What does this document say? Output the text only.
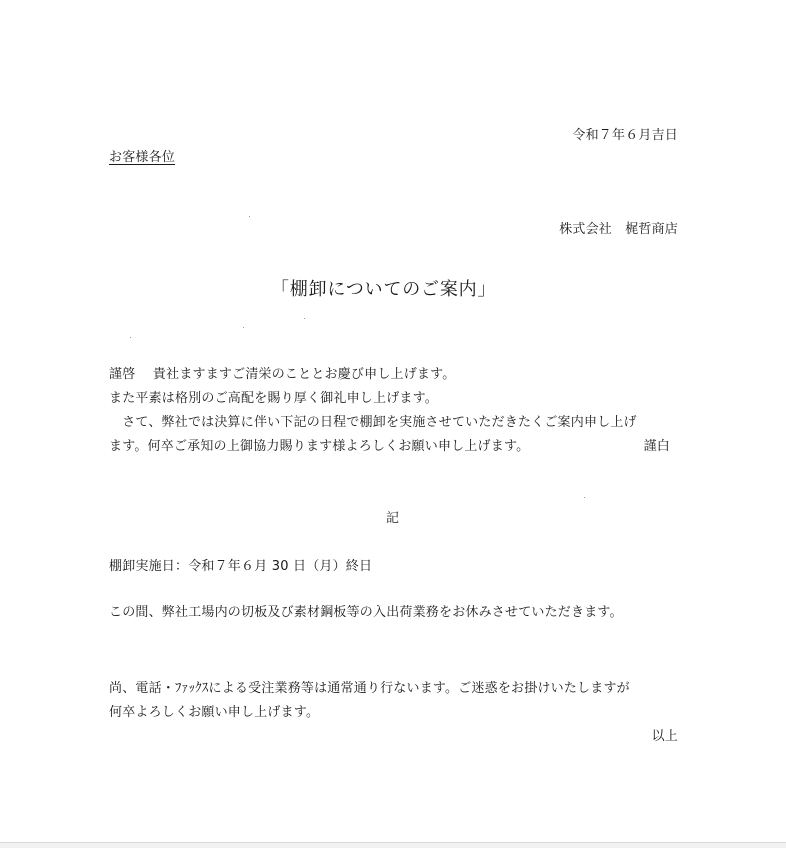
令和７年６月吉日
お客様各位
株式会社　梶哲商店
「棚卸についてのご案内」
謹啓　 貴社ますますご清栄のこととお慶び申し上げます。
また平素は格別のご高配を賜り厚く御礼申し上げます。
　さて、弊社では決算に伴い下記の日程で棚卸を実施させていただきたくご案内申し上げ
ます。何卒ご承知の上御協力賜ります様よろしくお願い申し上げます。	謹白
記
棚卸実施日：令和７年６月 30 日（月）終日
この間、弊社工場内の切板及び素材鋼板等の入出荷業務をお休みさせていただきます。
尚、電話・ﾌｧｯｸｽによる受注業務等は通常通り行ないます。ご迷惑をお掛けいたしますが
何卒よろしくお願い申し上げます。
以上
